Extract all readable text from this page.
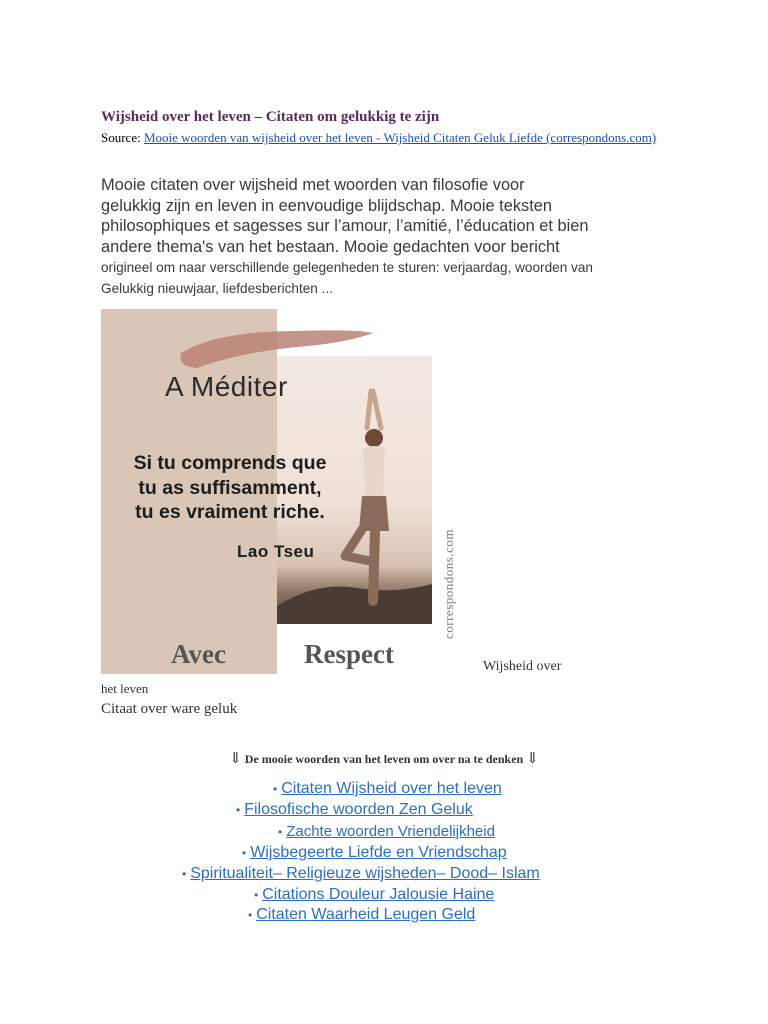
Wijsheid over het leven – Citaten om gelukkig te zijn
Source: Mooie woorden van wijsheid over het leven - Wijsheid Citaten Geluk Liefde (correspondons.com)
Mooie citaten over wijsheid met woorden van filosofie voor
gelukkig zijn en leven in eenvoudige blijdschap. Mooie teksten
philosophiques et sagesses sur l’amour, l’amitié, l’éducation et bien
andere thema's van het bestaan. Mooie gedachten voor bericht
origineel om naar verschillende gelegenheden te sturen: verjaardag, woorden van
Gelukkig nieuwjaar, liefdesberichten ...
A Méditer
Si tu comprends que
tu as suffisamment,
tu es vraiment riche.
Lao Tseu
Avec	Respect
correspondons.com
Wijsheid over
het leven
Citaat over ware geluk
⇓ De mooie woorden van het leven om over na te denken ⇓
• Citaten Wijsheid over het leven
• Filosofische woorden Zen Geluk
• Zachte woorden Vriendelijkheid
• Wijsbegeerte Liefde en Vriendschap
• Spiritualiteit– Religieuze wijsheden– Dood– Islam
• Citations Douleur Jalousie Haine
• Citaten Waarheid Leugen Geld
